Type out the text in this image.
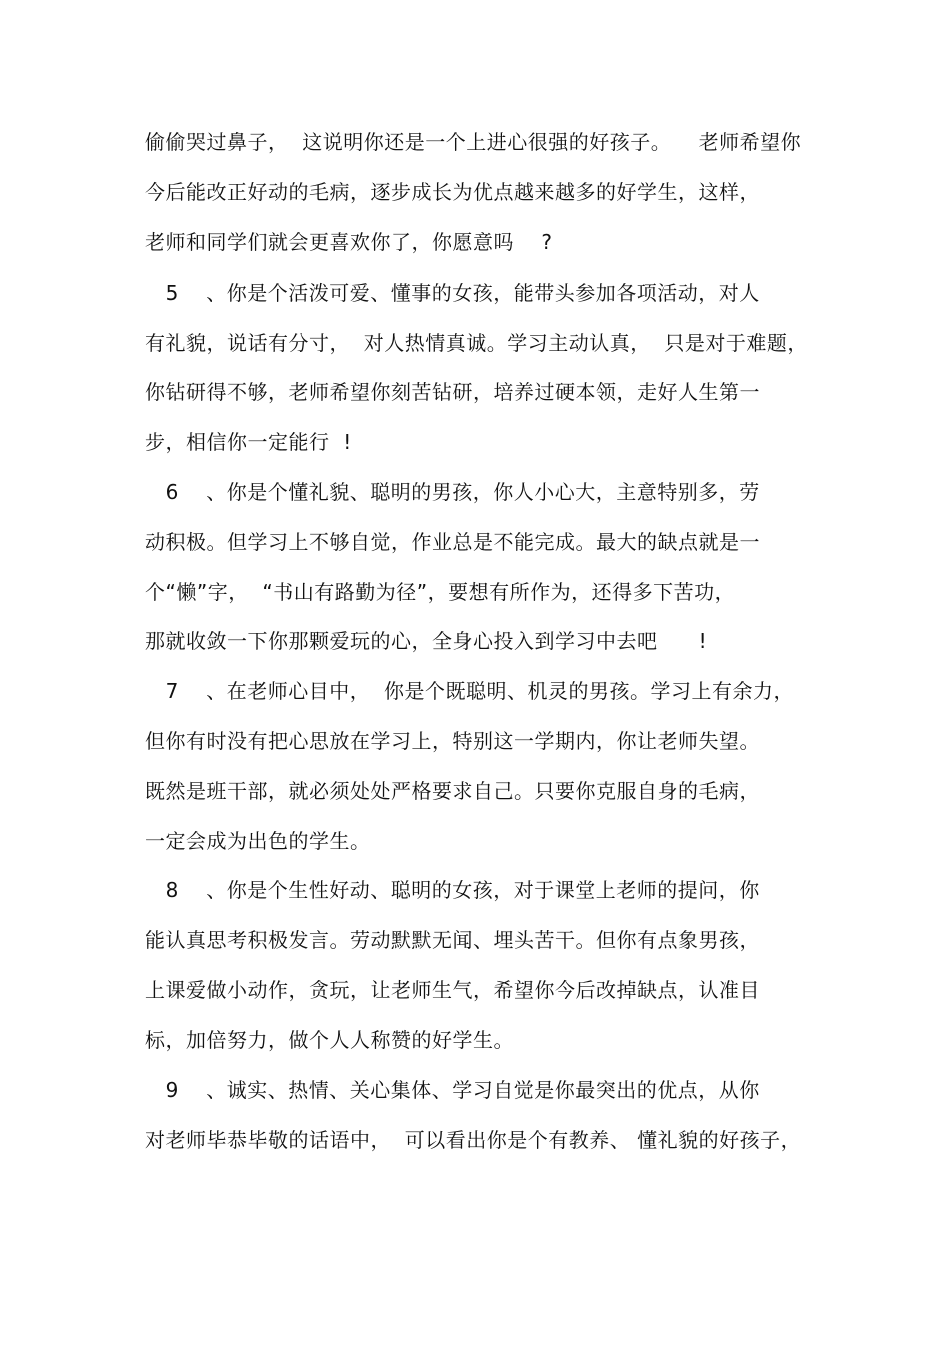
偷偷哭过鼻子，  这说明你还是一个上进心很强的好孩子。    老师希望你
今后能改正好动的毛病，逐步成长为优点越来越多的好学生，这样，
老师和同学们就会更喜欢你了，你愿意吗    ?
5    、你是个活泼可爱、懂事的女孩，能带头参加各项活动，对人
有礼貌，说话有分寸，  对人热情真诚。学习主动认真，  只是对于难题，
你钻研得不够，老师希望你刻苦钻研，培养过硬本领，走好人生第一
步，相信你一定能行  !
6    、你是个懂礼貌、聪明的男孩，你人小心大，主意特别多，劳
动积极。但学习上不够自觉，作业总是不能完成。最大的缺点就是一
个“懒”字，  “书山有路勤为径”，要想有所作为，还得多下苦功，
那就收敛一下你那颗爱玩的心，全身心投入到学习中去吧      !
7    、在老师心目中，  你是个既聪明、机灵的男孩。学习上有余力，
但你有时没有把心思放在学习上，特别这一学期内，你让老师失望。
既然是班干部，就必须处处严格要求自己。只要你克服自身的毛病，
一定会成为出色的学生。
8    、你是个生性好动、聪明的女孩，对于课堂上老师的提问，你
能认真思考积极发言。劳动默默无闻、埋头苦干。但你有点象男孩，
上课爱做小动作，贪玩，让老师生气，希望你今后改掉缺点，认准目
标，加倍努力，做个人人称赞的好学生。
9    、诚实、热情、关心集体、学习自觉是你最突出的优点，从你
对老师毕恭毕敬的话语中，  可以看出你是个有教养、 懂礼貌的好孩子，
